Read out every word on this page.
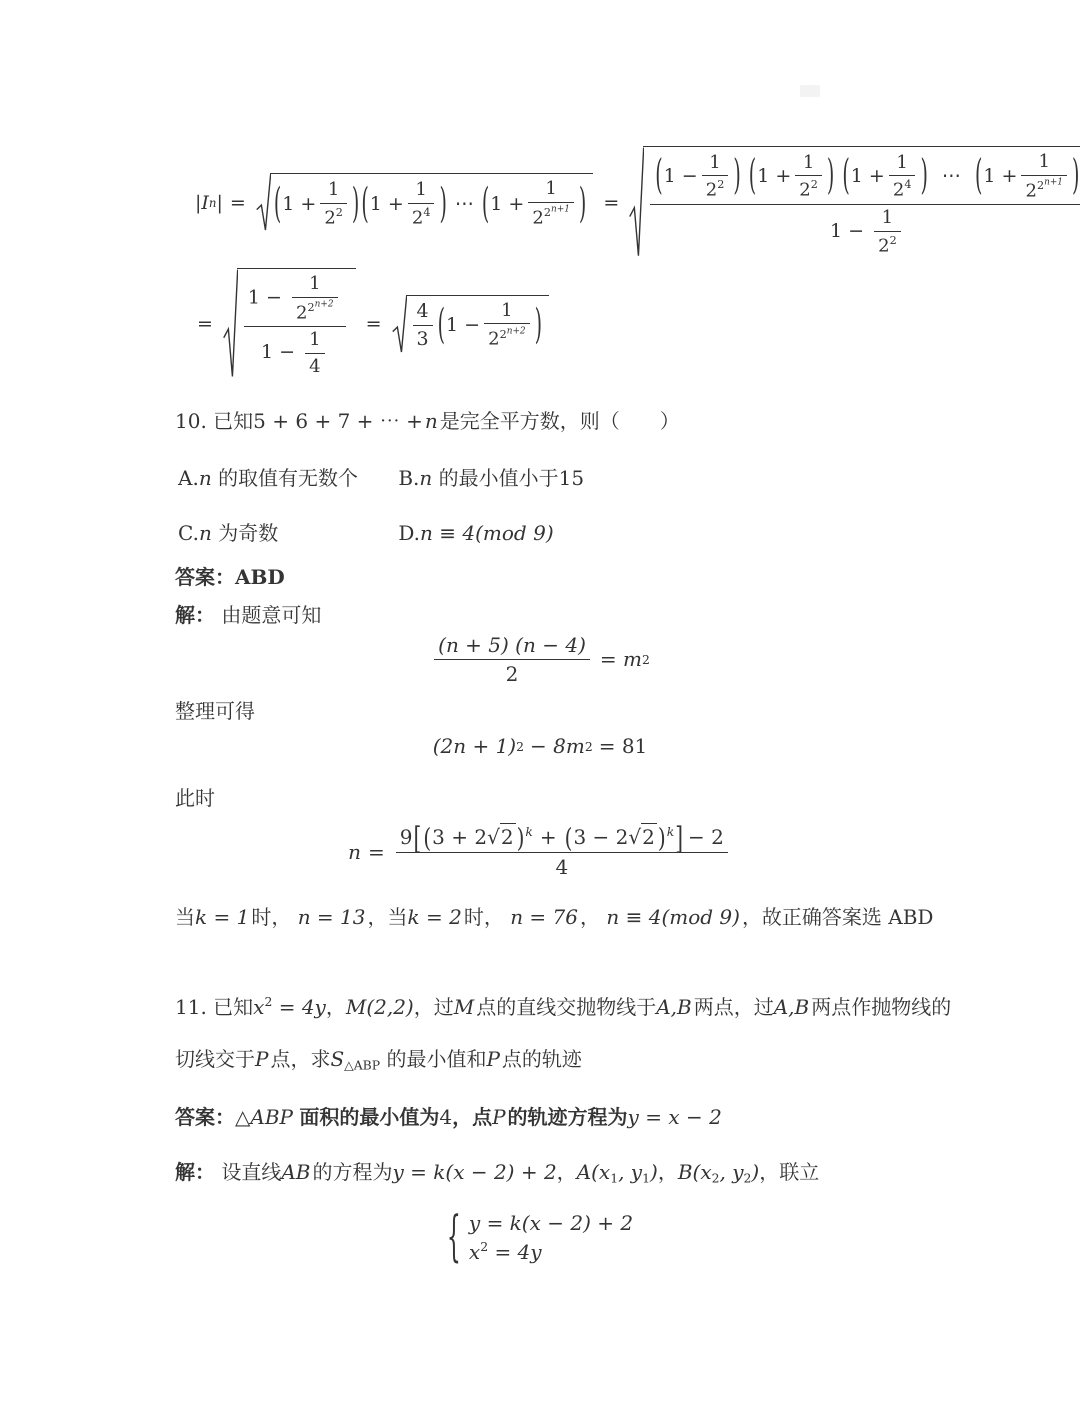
| I n | = ( $1 + \frac{1}{2^2}$ ) ( $1 + \frac{1}{2^4}$ ) ⋯ ( $1 + \frac{1}{2^{2^{n+1}}}$ ) =
( $1 - \frac{1}{2^2}$ )
( $1 + \frac{1}{2^2}$ )
( $1 + \frac{1}{2^4}$ ) ⋯ ( $1 + \frac{1}{2^{2^{n+1}}}$ )
$1 - \frac{1}{2^2}$
= $\frac{1 - \frac{1}{2^{2^{n+2}}}}{1 - \frac{1}{4}} = \frac{4}{3}$ ( $1 - \frac{1}{2^{2^{n+2}}}$ )
10. 已知5 + 6 + 7 + ⋯ + n 是完全平方数，则（　　）
A.n 的取值有无数个 B.n 的最小值小于15
C.n 为奇数	D.n ≡ 4(mod 9)
答案：ABD
解： 由题意可知
$\frac{(n + 5) (n - 4)}{2} = m$ 2
整理可得
(2n + 1) 2 − 8m 2 = 81
此时
$n = \frac{9[ (3 + 2√2 )^k + (3 - 2√2 )^k] - 2}{4}$
当k = 1 时， n = 13 ，当k = 2 时， n = 76 ， n ≡ 4(mod 9) ，故正确答案选 ABD
11. 已知$x^2 = 4y$，M(2,2)，过M 点的直线交抛物线于A,B 两点，过A,B 两点作抛物线的
切线交于P 点，求$S_{\triangle ABP}$ 的最小值和P 点的轨迹
答案：△ABP 面积的最小值为4，点P 的轨迹方程为y = x − 2
解： 设直线AB 的方程为y = k(x − 2) + 2，$A(x_1$, $y_1$)，$B(x_2$, $y_2$)，联立
{ y = k(x − 2) + 2
$x^2 = 4y$
